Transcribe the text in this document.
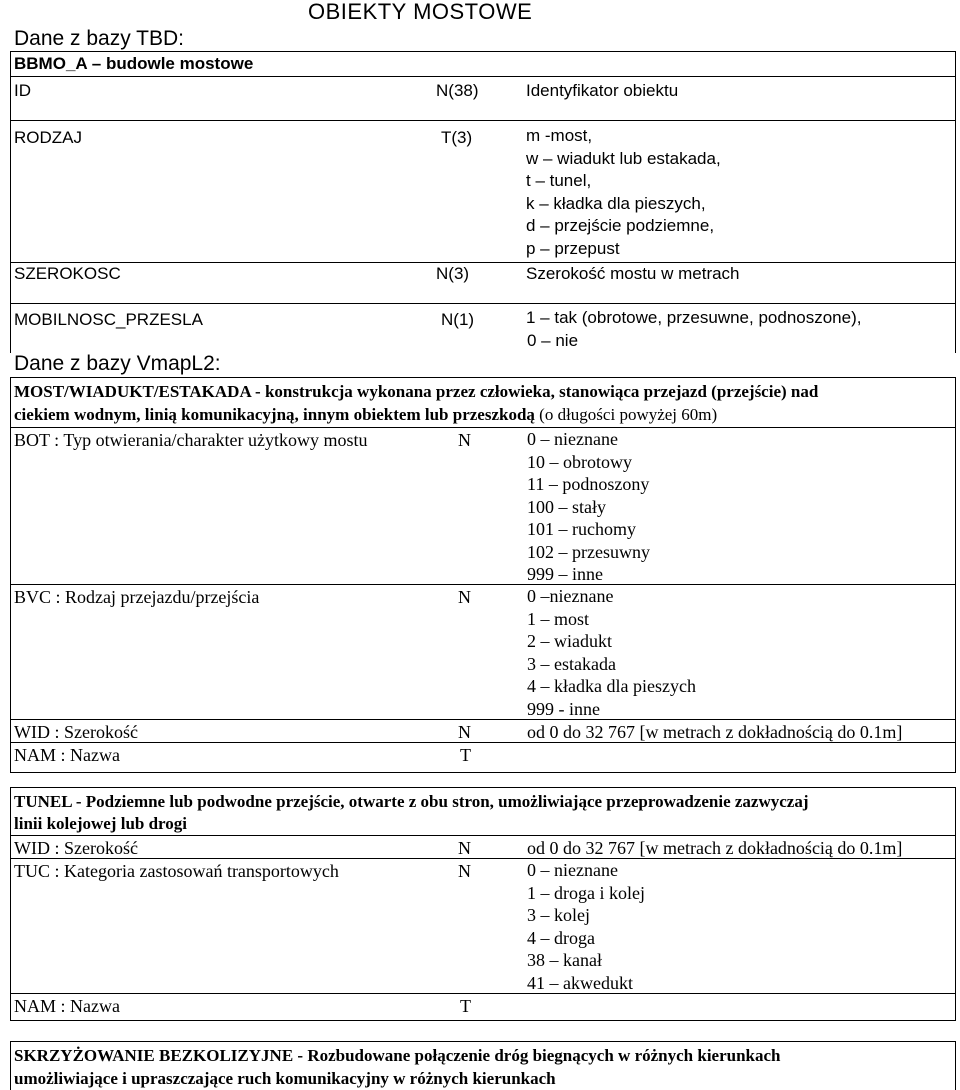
OBIEKTY MOSTOWE
Dane z bazy TBD:
BBMO_A – budowle mostowe
ID	N(38)	Identyfikator obiektu
RODZAJ	T(3)	m -most,
w – wiadukt lub estakada,
t – tunel,
k – kładka dla pieszych,
d – przejście podziemne,
p – przepust
SZEROKOSC	N(3)	Szerokość mostu w metrach
MOBILNOSC_PRZESLA	N(1)	1 – tak (obrotowe, przesuwne, podnoszone),
0 – nie
Dane z bazy VmapL2:
MOST/WIADUKT/ESTAKADA - konstrukcja wykonana przez człowieka, stanowiąca przejazd (przejście) nad
ciekiem wodnym, linią komunikacyjną, innym obiektem lub przeszkodą (o długości powyżej 60m)
BOT : Typ otwierania/charakter użytkowy mostu	N	0 – nieznane
10 – obrotowy
11 – podnoszony
100 – stały
101 – ruchomy
102 – przesuwny
999 – inne
BVC : Rodzaj przejazdu/przejścia	N	0 –nieznane
1 – most
2 – wiadukt
3 – estakada
4 – kładka dla pieszych
999 - inne
WID : Szerokość	N	od 0 do 32 767 [w metrach z dokładnością do 0.1m]
NAM : Nazwa	T
TUNEL - Podziemne lub podwodne przejście, otwarte z obu stron, umożliwiające przeprowadzenie zazwyczaj
linii kolejowej lub drogi
WID : Szerokość	N	od 0 do 32 767 [w metrach z dokładnością do 0.1m]
TUC : Kategoria zastosowań transportowych	N	0 – nieznane
1 – droga i kolej
3 – kolej
4 – droga
38 – kanał
41 – akwedukt
NAM : Nazwa	T
SKRZYŻOWANIE BEZKOLIZYJNE - Rozbudowane połączenie dróg biegnących w różnych kierunkach
umożliwiające i upraszczające ruch komunikacyjny w różnych kierunkach
